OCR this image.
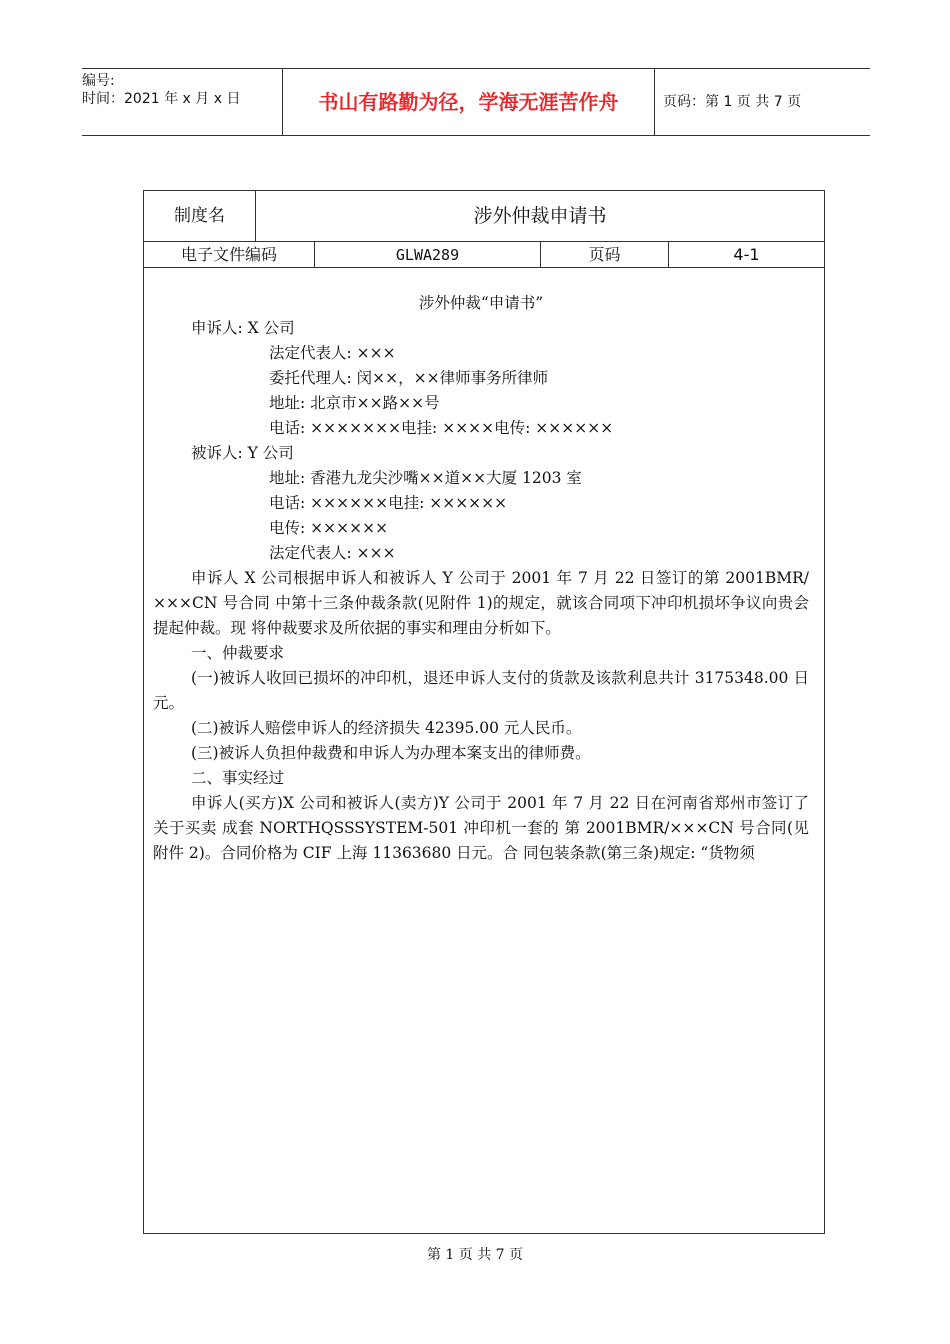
编号:
时间：2021 年 x 月 x 日	书山有路勤为径，学海无涯苦作舟	页码：第 1 页 共 7 页
制度名	涉外仲裁申请书
电子文件编码	GLWA289	页码	4-1
涉外仲裁“申请书”
申诉人: X 公司
法定代表人: ×××
委托代理人: 闵××，××律师事务所律师
地址: 北京市××路××号
电话: ×××××××电挂: ××××电传: ××××××
被诉人: Y 公司
地址: 香港九龙尖沙嘴××道××大厦 1203 室
电话: ××××××电挂: ××××××
电传: ××××××
法定代表人: ×××
申诉人 X 公司根据申诉人和被诉人 Y 公司于 2001 年 7 月 22 日签订的第 2001BMR/×××CN 号合同 中第十三条仲裁条款(见附件 1)的规定，就该合同项下冲印机损坏争议向贵会提起仲裁。现 将仲裁要求及所依据的事实和理由分析如下。
一、仲裁要求
(一)被诉人收回已损坏的冲印机，退还申诉人支付的货款及该款利息共计 3175348.00 日元。
(二)被诉人赔偿申诉人的经济损失 42395.00 元人民币。
(三)被诉人负担仲裁费和申诉人为办理本案支出的律师费。
二、事实经过
申诉人(买方)X 公司和被诉人(卖方)Y 公司于 2001 年 7 月 22 日在河南省郑州市签订了关于买卖 成套 NORTHQSSSYSTEM-501 冲印机一套的 第 2001BMR/×××CN 号合同(见附件 2)。合同价格为 CIF 上海 11363680 日元。合 同包装条款(第三条)规定: “货物须
第 1 页 共 7 页
